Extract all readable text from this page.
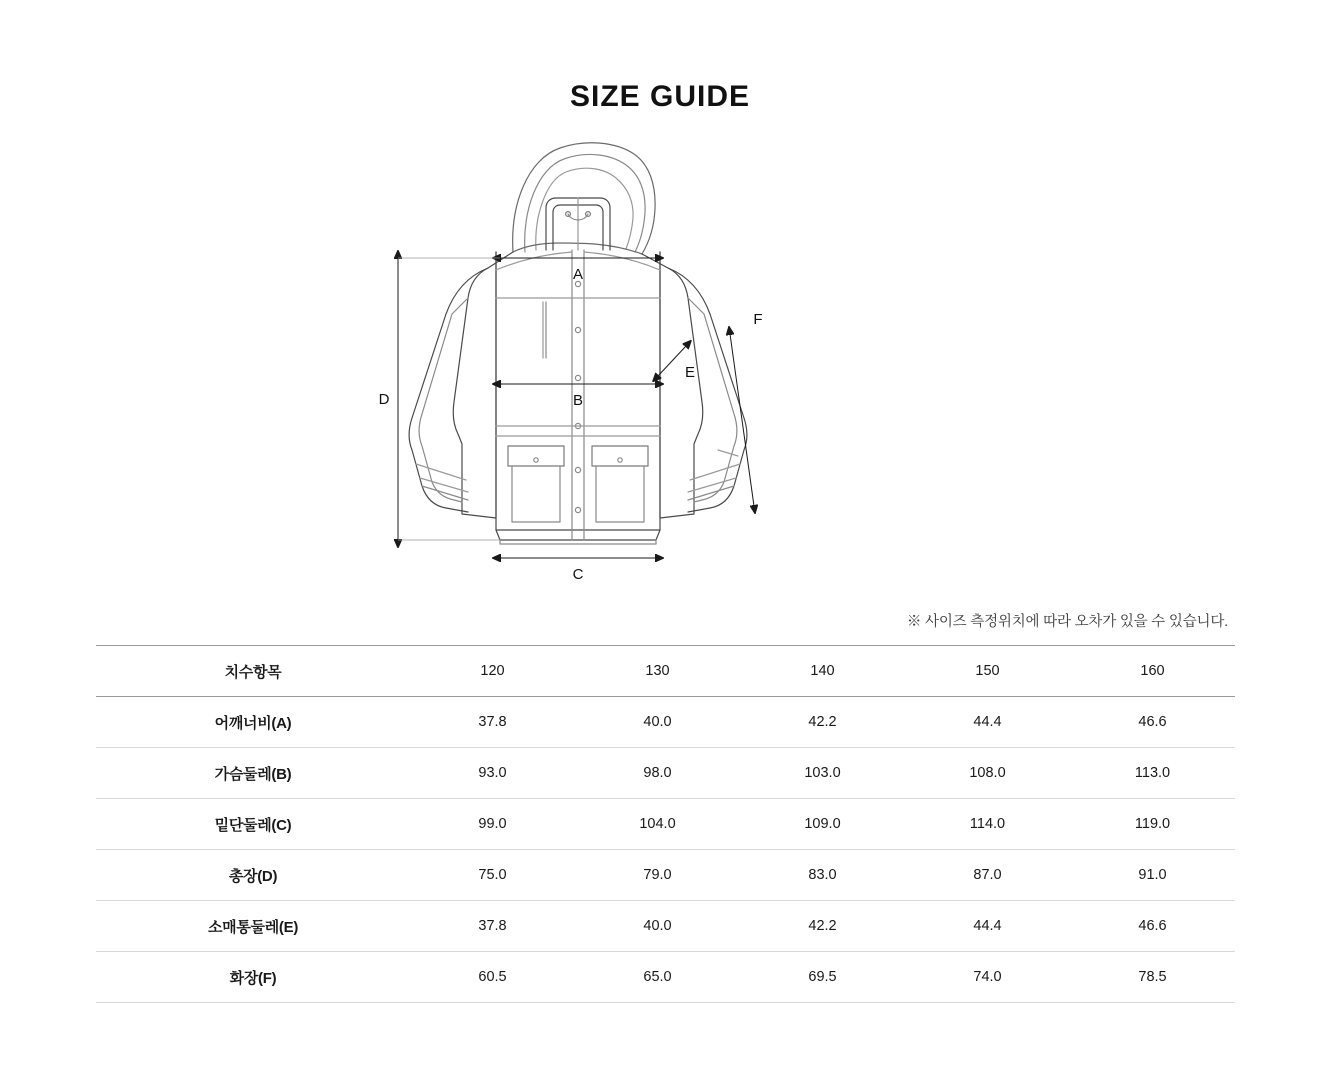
SIZE GUIDE
A
B
C
D
E
F
※ 사이즈 측정위치에 따라 오차가 있을 수 있습니다.
치수항목	120	130	140	150	160
어깨너비(A)	37.8	40.0	42.2	44.4	46.6
가슴둘레(B)	93.0	98.0	103.0	108.0	113.0
밑단둘레(C)	99.0	104.0	109.0	114.0	119.0
총장(D)	75.0	79.0	83.0	87.0	91.0
소매통둘레(E)	37.8	40.0	42.2	44.4	46.6
화장(F)	60.5	65.0	69.5	74.0	78.5
